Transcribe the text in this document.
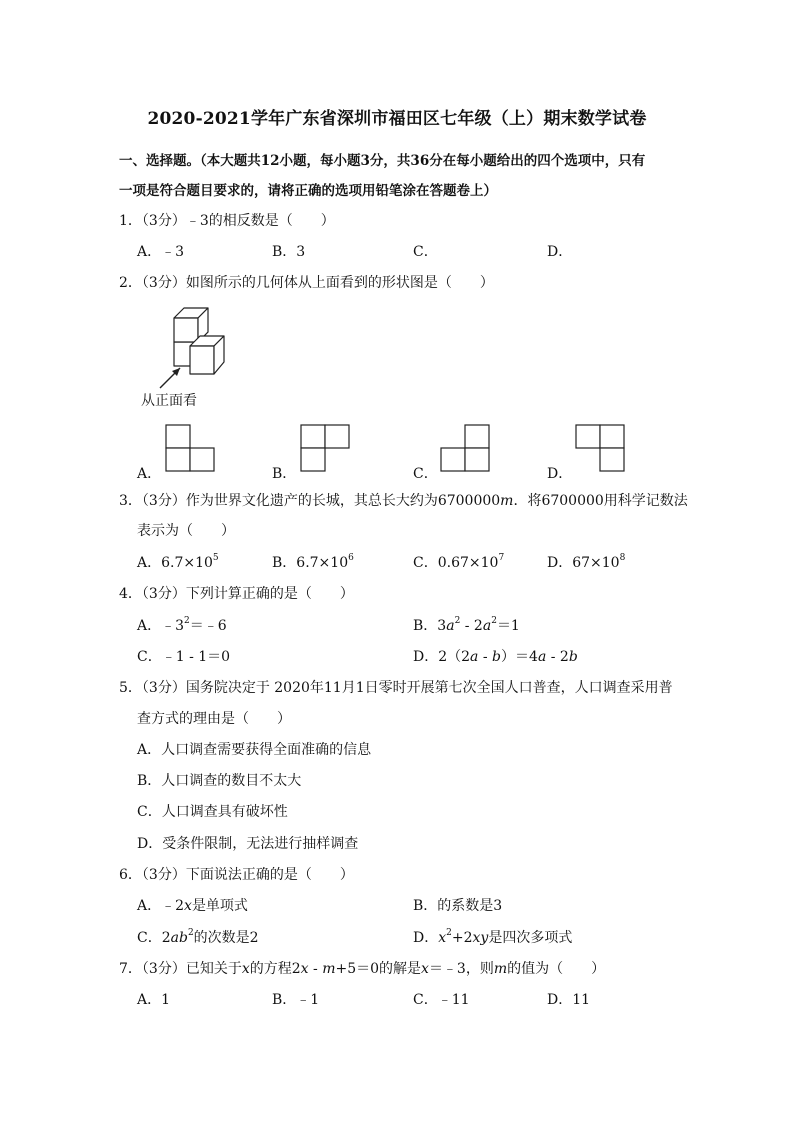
2020-2021学年广东省深圳市福田区七年级（上）期末数学试卷
一、选择题。（本大题共12小题，每小题3分，共36分在每小题给出的四个选项中，只有
一项是符合题目要求的，请将正确的选项用铅笔涂在答题卷上）
1．（3分）﹣3的相反数是（　　）
A．﹣3	B．3	C．	D．
2．（3分）如图所示的几何体从上面看到的形状图是（　　）
从正面看
A．	B．	C．	D．
3．（3分）作为世界文化遗产的长城，其总长大约为6700000m．将6700000用科学记数法
表示为（　　）
A．$6.7\times 10^5$	B．$6.7\times 10^6$	C．$0.67\times 10^7$	D．$67\times 10^8$
4．（3分）下列计算正确的是（　　）
A．$﹣3^2=﹣6$	B．$3a^2 - 2a^2=1$
C．﹣1 - 1＝0	D．2（2a - b）＝4a - 2b
5．（3分）国务院决定于 2020年11月1日零时开展第七次全国人口普查，人口调查采用普
查方式的理由是（　　）
A．人口调查需要获得全面准确的信息
B．人口调查的数目不太大
C．人口调查具有破坏性
D．受条件限制，无法进行抽样调查
6．（3分）下面说法正确的是（　　）
A．﹣2x是单项式	B．的系数是3
C．$2ab^2$的次数是2	D．$x^2+2xy$是四次多项式
7．（3分）已知关于x的方程2x - m+5＝0的解是x＝﹣3，则m的值为（　　）
A．1	B．﹣1	C．﹣11	D．11
